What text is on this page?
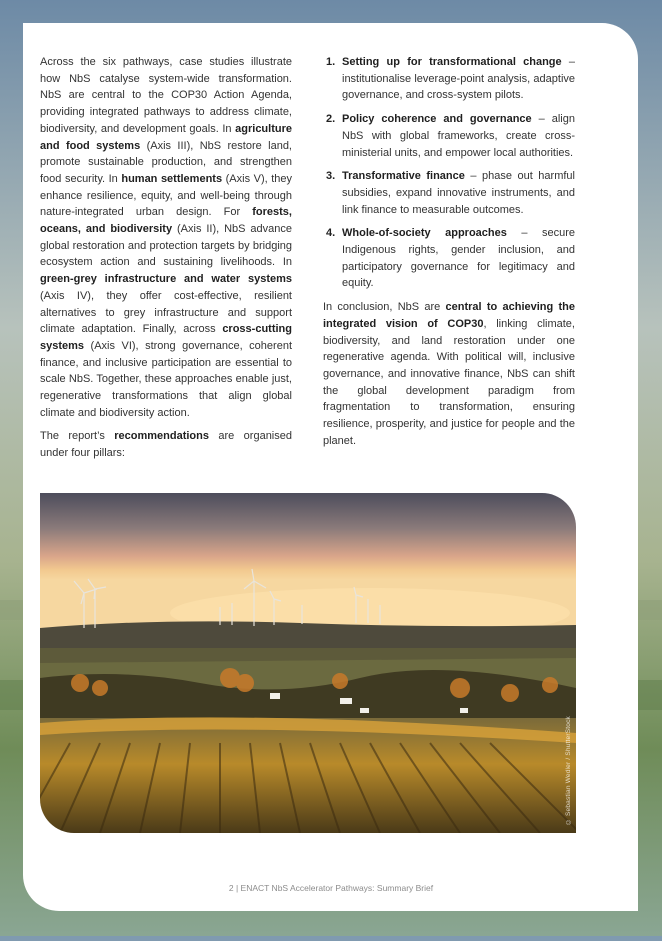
Across the six pathways, case studies illustrate how NbS catalyse system-wide transformation. NbS are central to the COP30 Action Agenda, providing integrated pathways to address climate, biodiversity, and development goals. In agriculture and food systems (Axis III), NbS restore land, promote sustainable production, and strengthen food security. In human settlements (Axis V), they enhance resilience, equity, and well-being through nature-integrated urban design. For forests, oceans, and biodiversity (Axis II), NbS advance global restoration and protection targets by bridging ecosystem action and sustaining livelihoods. In green-grey infrastructure and water systems (Axis IV), they offer cost-effective, resilient alternatives to grey infrastructure and support climate adaptation. Finally, across cross-cutting systems (Axis VI), strong governance, coherent finance, and inclusive participation are essential to scale NbS. Together, these approaches enable just, regenerative transformations that align global climate and biodiversity action.

The report’s recommendations are organised under four pillars:

1. Setting up for transformational change – institutionalise leverage-point analysis, adaptive governance, and cross-system pilots.
2. Policy coherence and governance – align NbS with global frameworks, create cross-ministerial units, and empower local authorities.
3. Transformative finance – phase out harmful subsidies, expand innovative instruments, and link finance to measurable outcomes.
4. Whole-of-society approaches – secure Indigenous rights, gender inclusion, and participatory governance for legitimacy and equity.

In conclusion, NbS are central to achieving the integrated vision of COP30, linking climate, biodiversity, and land restoration under one regenerative agenda. With political will, inclusive governance, and innovative finance, NbS can shift the global development paradigm from fragmentation to transformation, ensuring resilience, prosperity, and justice for people and the planet.

© Sebastian Wedler / ShutterStock
2 | ENACT NbS Accelerator Pathways: Summary Brief
